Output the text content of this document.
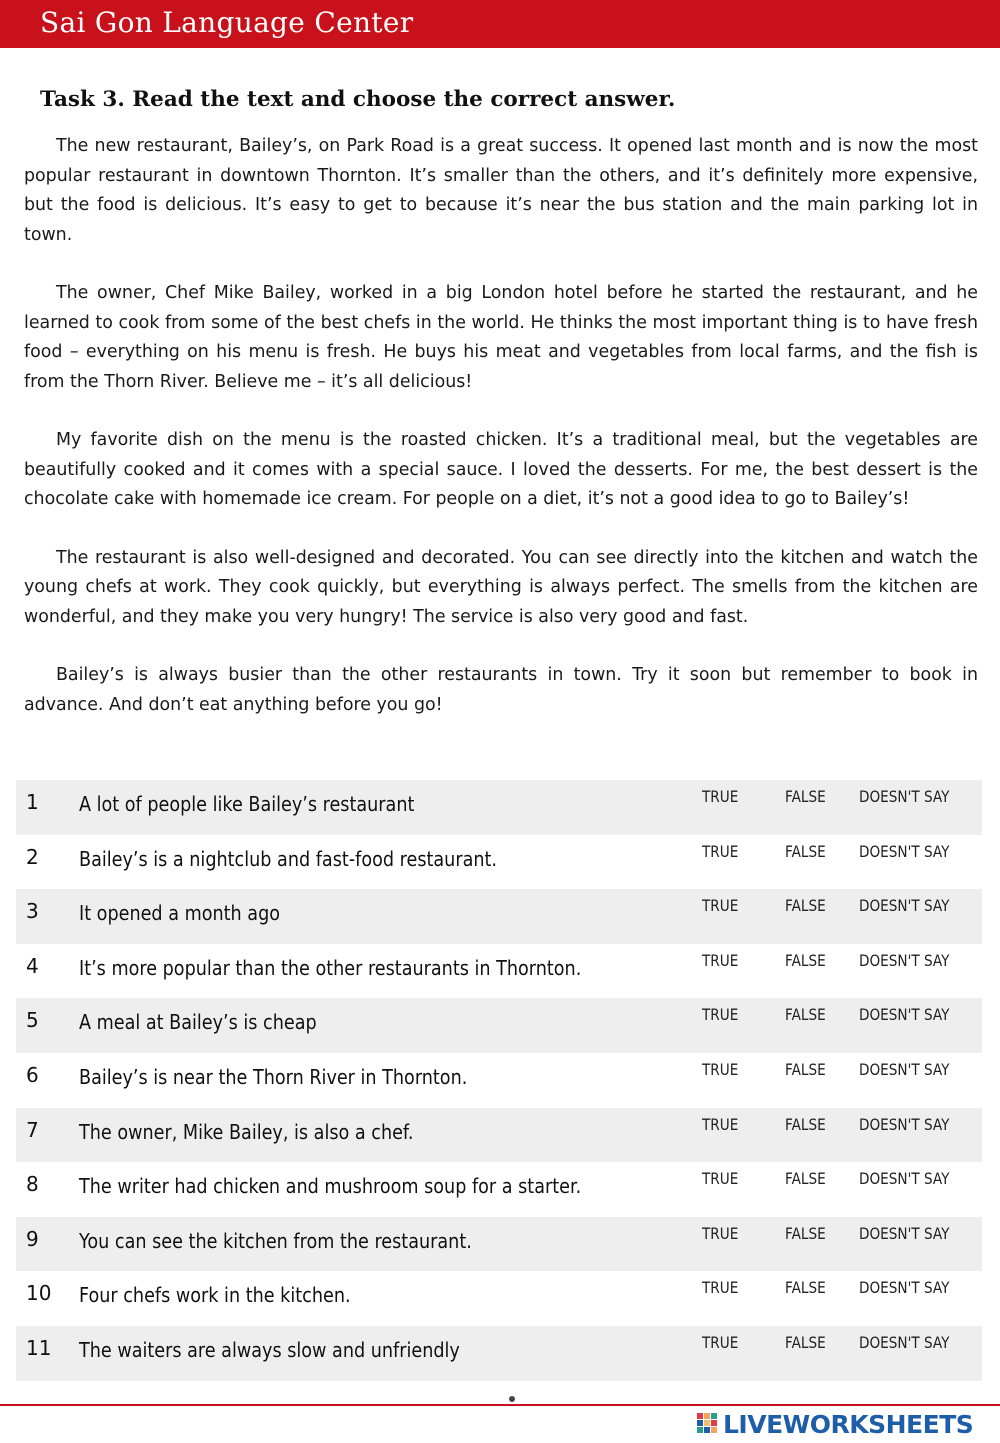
Sai Gon Language Center
Task 3. Read the text and choose the correct answer.

The new restaurant, Bailey’s, on Park Road is a great success. It opened last month and is now the most popular restaurant in downtown Thornton. It’s smaller than the others, and it’s definitely more expensive, but the food is delicious. It’s easy to get to because it’s near the bus station and the main parking lot in town.

The owner, Chef Mike Bailey, worked in a big London hotel before he started the restaurant, and he learned to cook from some of the best chefs in the world. He thinks the most important thing is to have fresh food – everything on his menu is fresh. He buys his meat and vegetables from local farms, and the fish is from the Thorn River. Believe me – it’s all delicious!

My favorite dish on the menu is the roasted chicken. It’s a traditional meal, but the vegetables are beautifully cooked and it comes with a special sauce. I loved the desserts. For me, the best dessert is the chocolate cake with homemade ice cream. For people on a diet, it’s not a good idea to go to Bailey’s!

The restaurant is also well-designed and decorated. You can see directly into the kitchen and watch the young chefs at work. They cook quickly, but everything is always perfect. The smells from the kitchen are wonderful, and they make you very hungry! The service is also very good and fast.

Bailey’s is always busier than the other restaurants in town. Try it soon but remember to book in advance. And don’t eat anything before you go!

1 A lot of people like Bailey’s restaurant	TRUE	FALSE DOESN'T SAY
2 Bailey’s is a nightclub and fast-food restaurant.	TRUE	FALSE DOESN'T SAY
3 It opened a month ago	TRUE	FALSE DOESN'T SAY
4 It’s more popular than the other restaurants in Thornton.	TRUE	FALSE DOESN'T SAY
5 A meal at Bailey’s is cheap	TRUE	FALSE DOESN'T SAY
6 Bailey’s is near the Thorn River in Thornton.	TRUE	FALSE DOESN'T SAY
7 The owner, Mike Bailey, is also a chef.	TRUE	FALSE DOESN'T SAY
8 The writer had chicken and mushroom soup for a starter.	TRUE	FALSE DOESN'T SAY
9 You can see the kitchen from the restaurant.	TRUE	FALSE DOESN'T SAY
10 Four chefs work in the kitchen.	TRUE	FALSE DOESN'T SAY
11 The waiters are always slow and unfriendly	TRUE	FALSE DOESN'T SAY
LIVEWORKSHEETS
